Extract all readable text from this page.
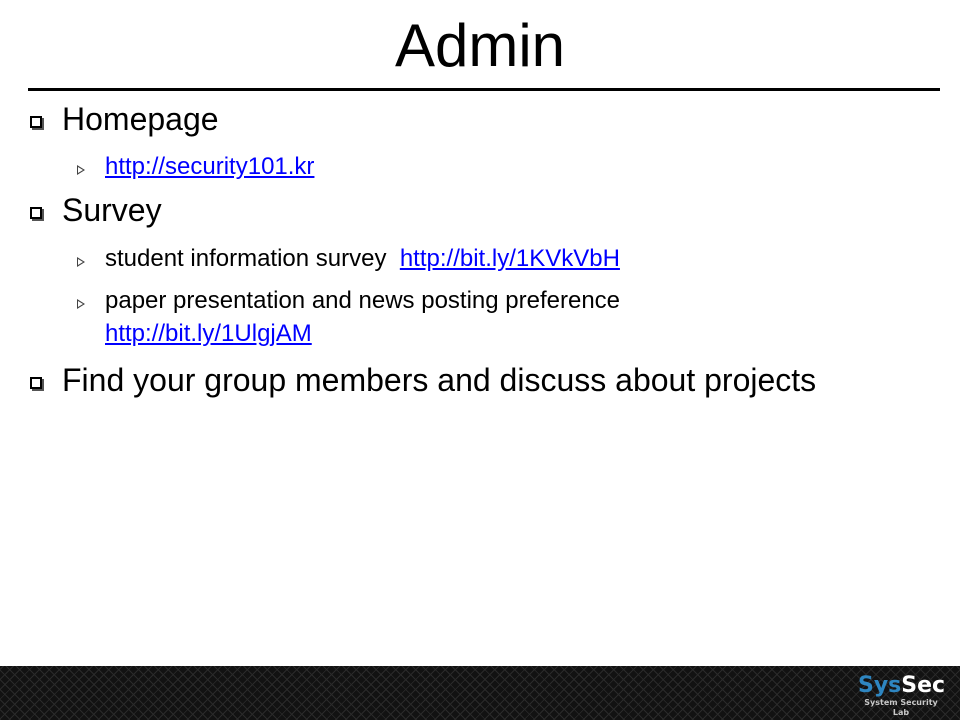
Admin
Homepage
http://security101.kr
Survey
student information survey http://bit.ly/1KVkVbH
paper presentation and news posting preference
http://bit.ly/1UlgjAM
Find your group members and discuss about projects
SysSec
System Security Lab
